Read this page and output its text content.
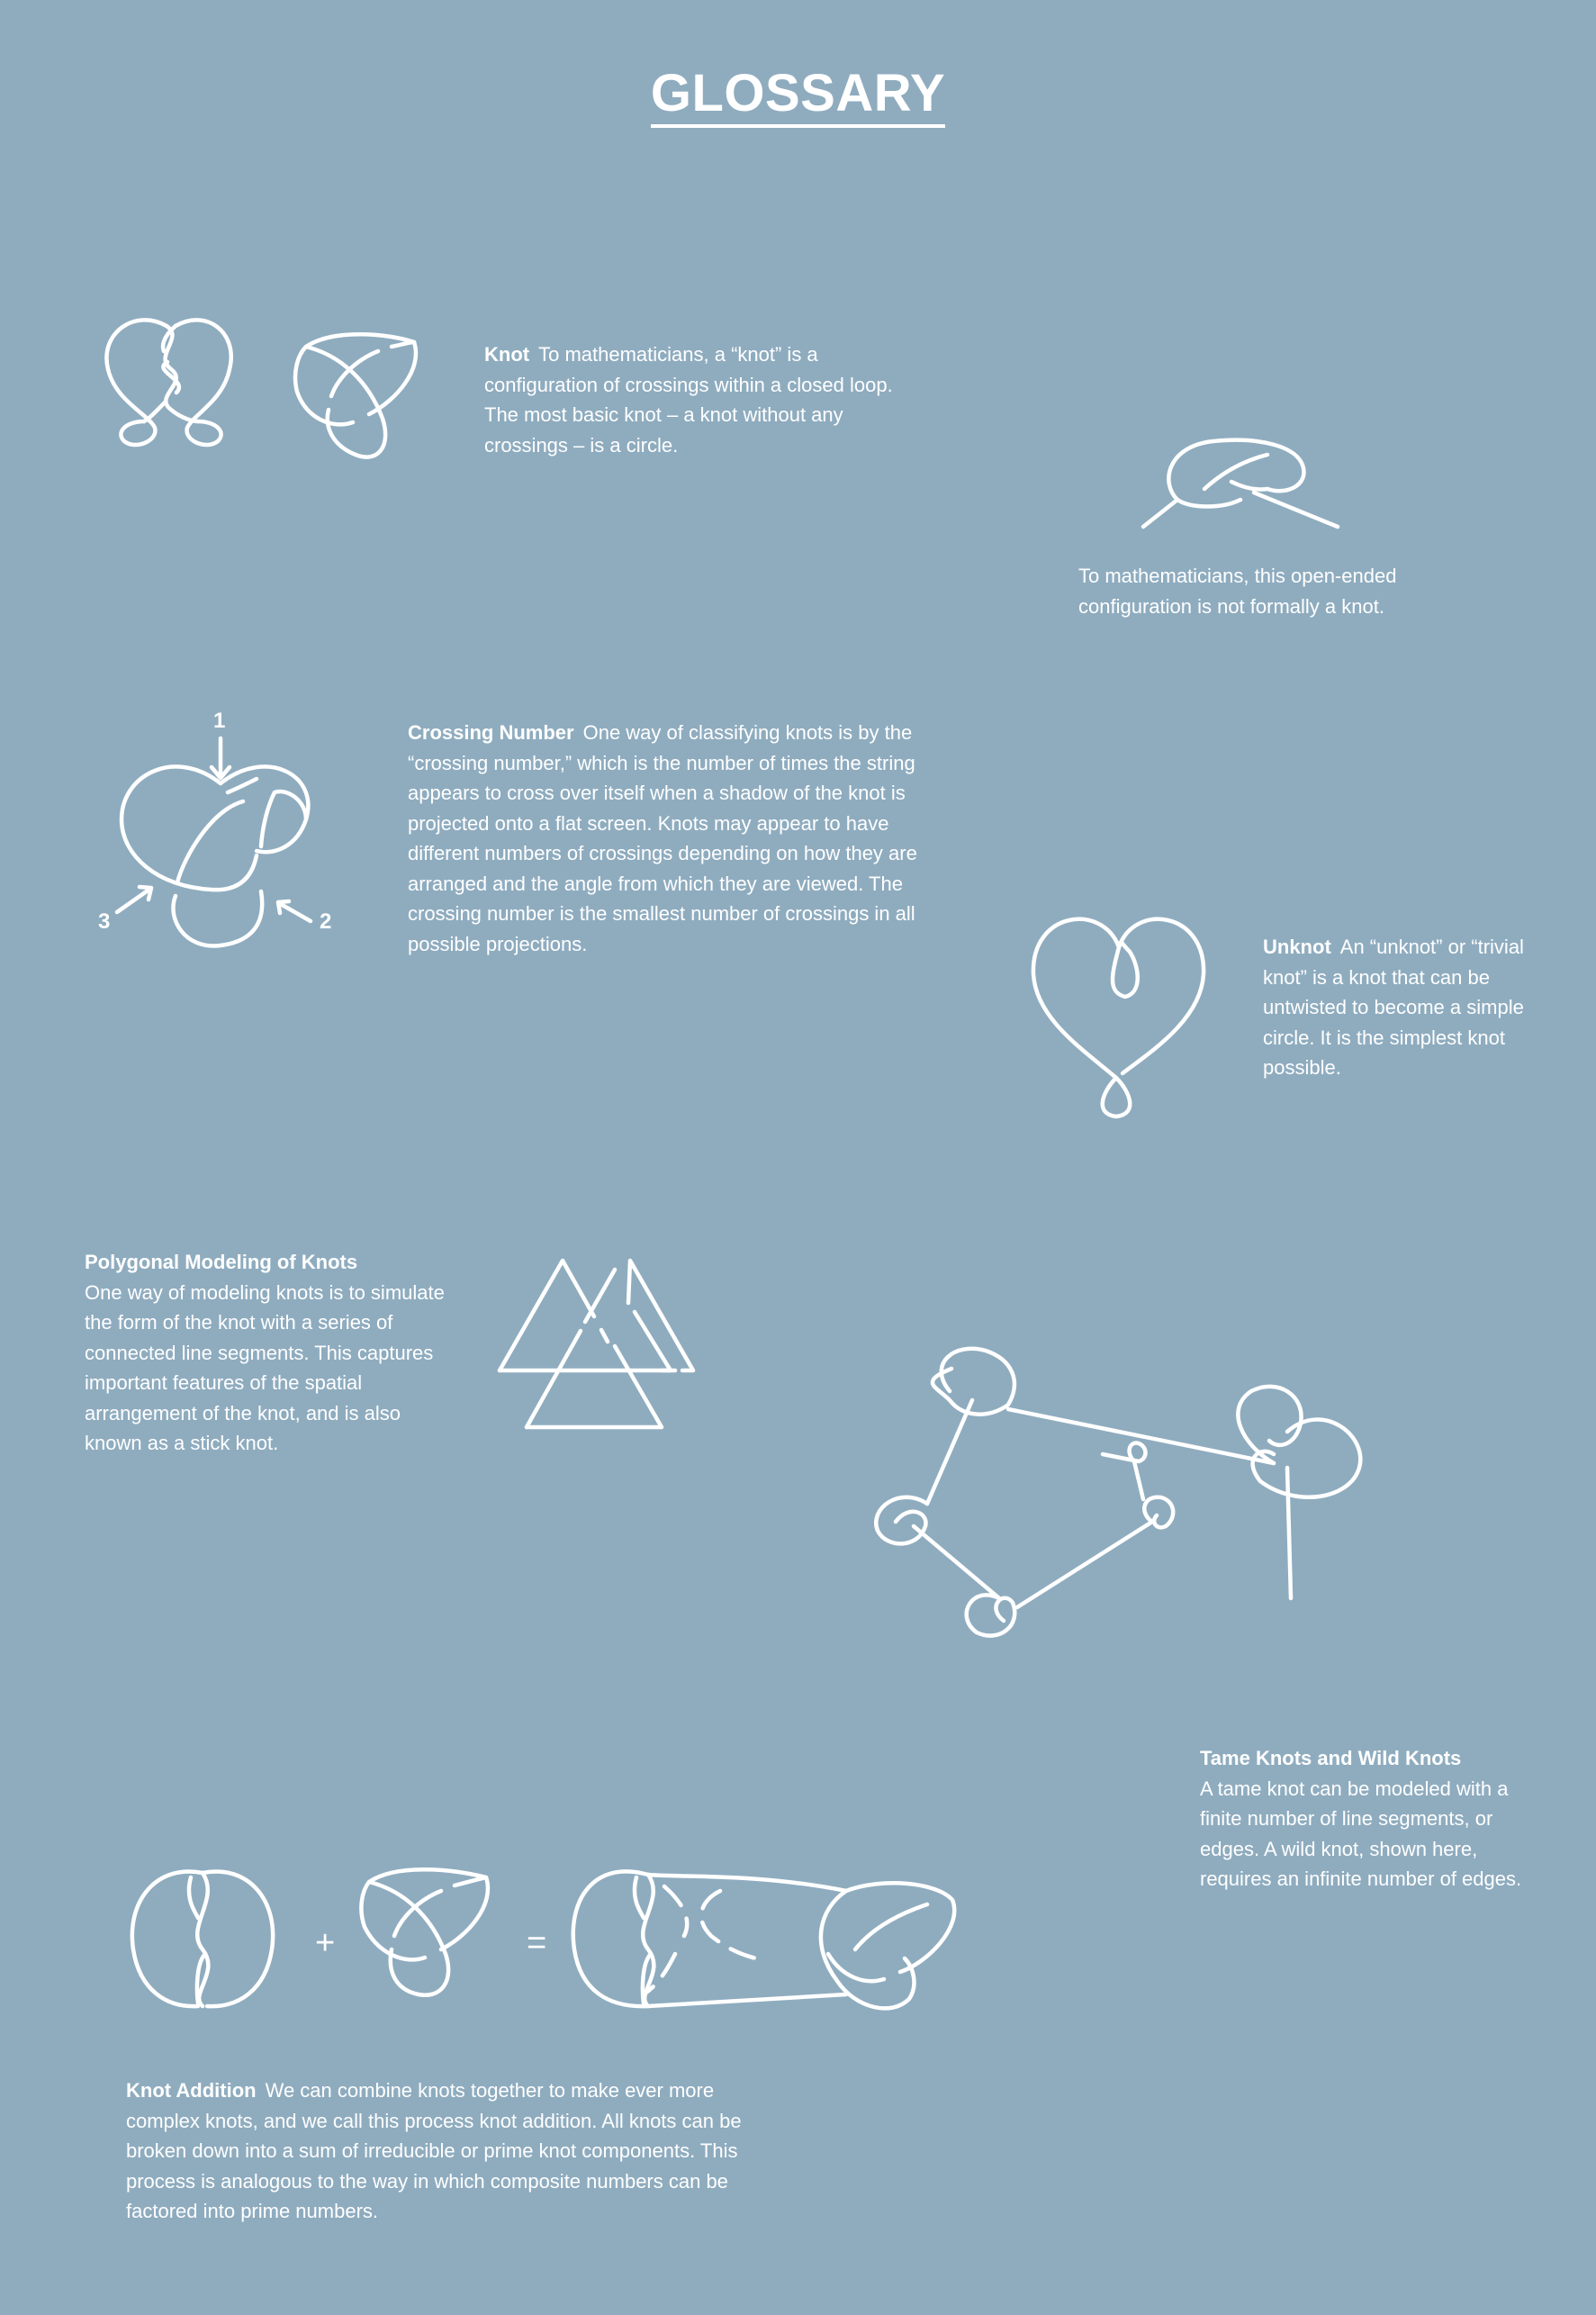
GLOSSARY
Knot To mathematicians, a “knot” is a configuration of crossings within a closed loop. The most basic knot – a knot without any crossings – is a circle.
To mathematicians, this open-ended configuration is not formally a knot.
1
2
3
Crossing Number One way of classifying knots is by the “crossing number,” which is the number of times the string appears to cross over itself when a shadow of the knot is projected onto a flat screen. Knots may appear to have different numbers of crossings depending on how they are arranged and the angle from which they are viewed. The crossing number is the smallest number of crossings in all possible projections.	Unknot An “unknot” or “trivial knot” is a knot that can be untwisted to become a simple circle. It is the simplest knot possible.
Polygonal Modeling of Knots
One way of modeling knots is to simulate the form of the knot with a series of connected line segments. This captures important features of the spatial arrangement of the knot, and is also known as a stick knot.
Tame Knots and Wild Knots
A tame knot can be modeled with a finite number of line segments, or edges. A wild knot, shown here, requires an infinite number of edges.
+	=
Knot Addition We can combine knots together to make ever more complex knots, and we call this process knot addition. All knots can be broken down into a sum of irreducible or prime knot components. This process is analogous to the way in which composite numbers can be factored into prime numbers.
